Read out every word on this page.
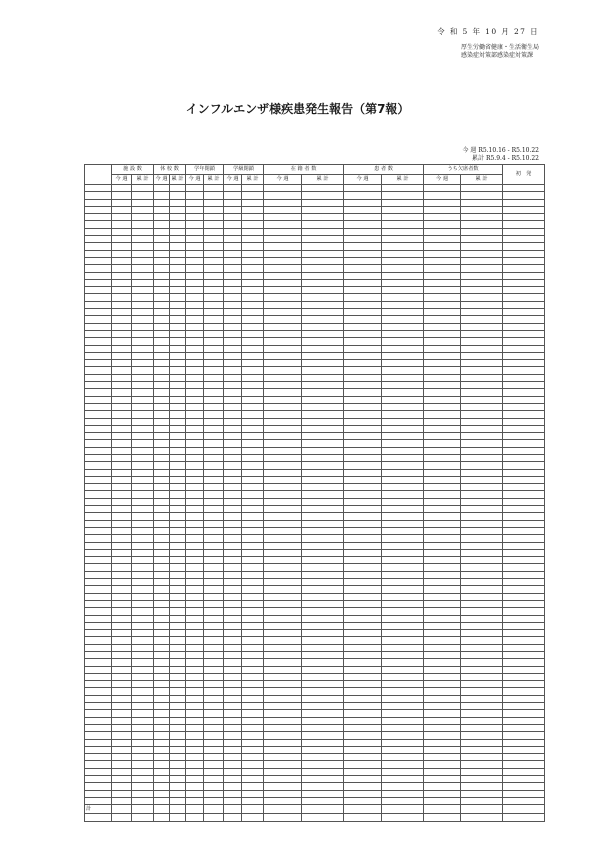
令 和 5 年 10 月 27 日
厚生労働省健康・生活衛生局
感染症対策部感染症対策課
インフルエンザ様疾患発生報告（第7報）

今 週 R5.10.16 - R5.10.22
累計 R5.9.4 - R5.10.22
	施 設 数		休 校 数		学年閉鎖		学級閉鎖		在 籍 者 数		患 者 数		うち欠席者数		初　発
	今 週	累 計	今 週	累 計	今 週	累 計	今 週	累 計	今 週	累 計	今 週	累 計	今 週	累 計	

計															
